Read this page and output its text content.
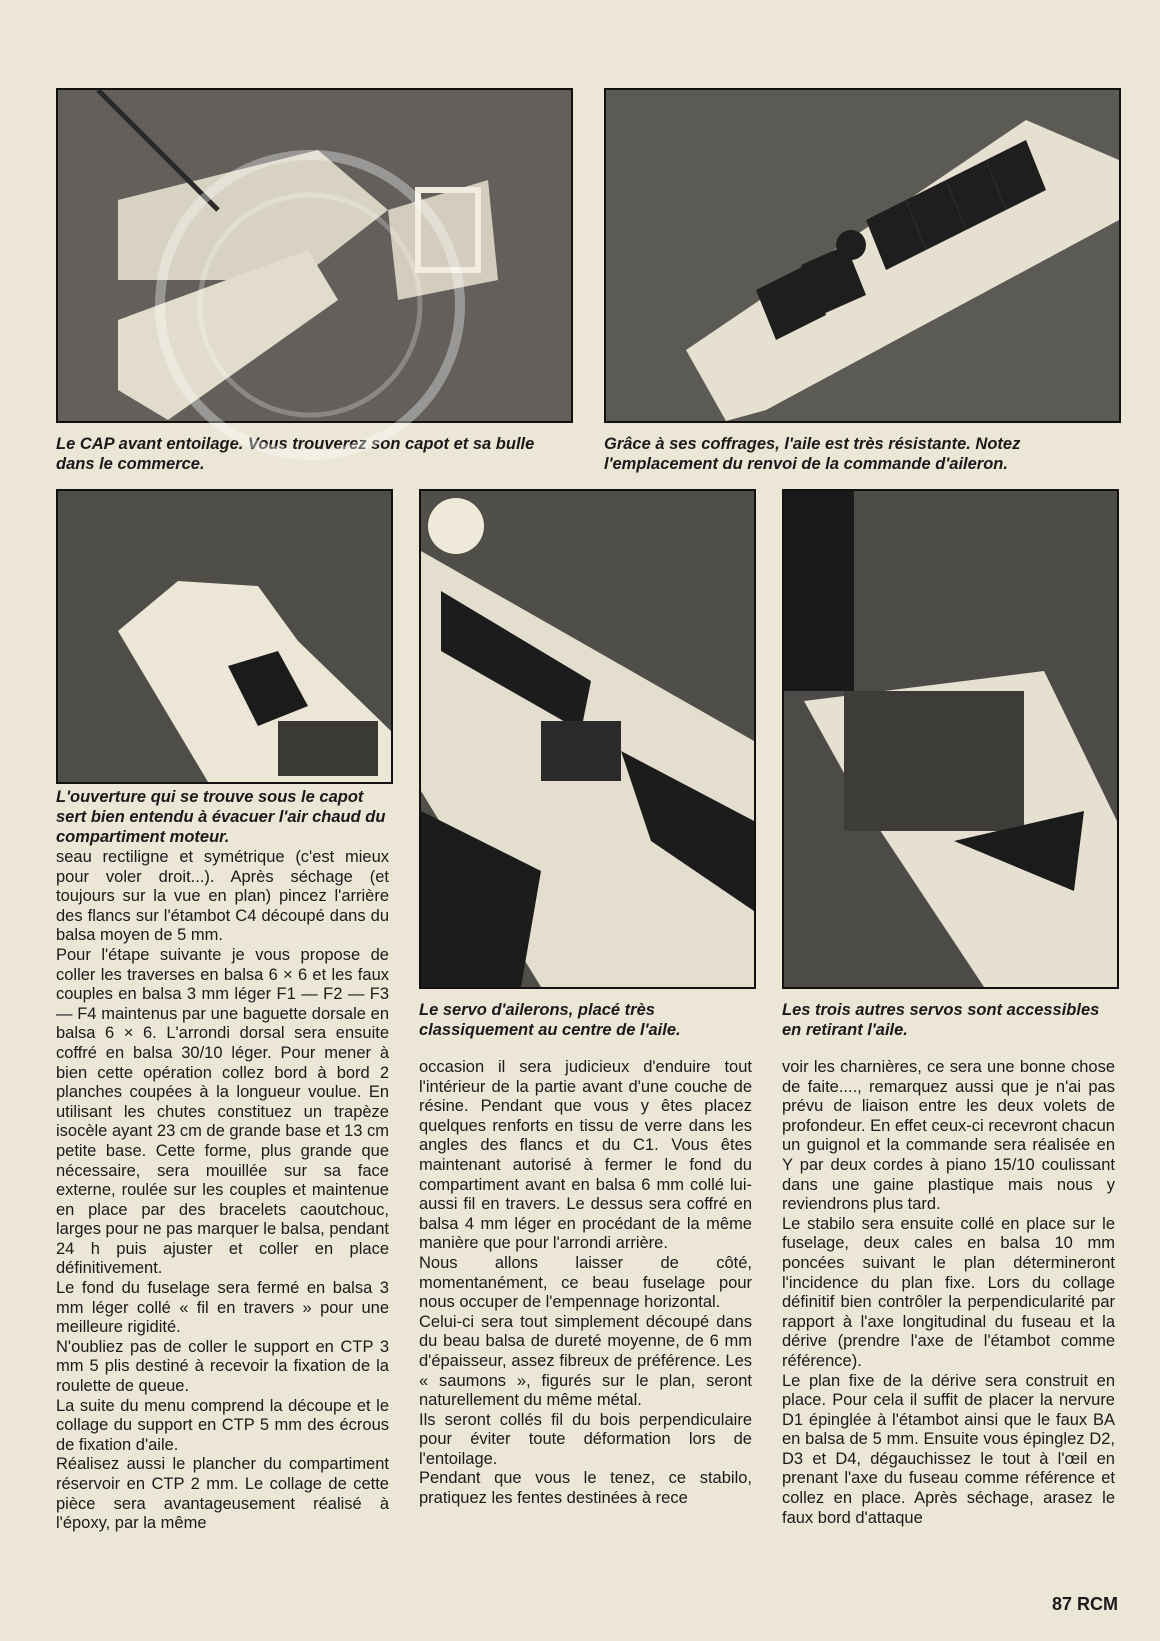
Le CAP avant entoilage. Vous trouverez son capot et sa bulle dans le commerce.
Grâce à ses coffrages, l'aile est très résistante. Notez l'emplacement du renvoi de la commande d'aileron.
L'ouverture qui se trouve sous le capot sert bien entendu à évacuer l'air chaud du compartiment moteur.
Le servo d'ailerons, placé très classiquement au centre de l'aile.
Les trois autres servos sont accessibles en retirant l'aile.

seau rectiligne et symétrique (c'est mieux pour voler droit...). Après séchage (et toujours sur la vue en plan) pincez l'arrière des flancs sur l'étambot C4 découpé dans du balsa moyen de 5 mm.

Pour l'étape suivante je vous propose de coller les traverses en balsa 6 × 6 et les faux couples en balsa 3 mm léger F1 — F2 — F3 — F4 maintenus par une baguette dorsale en balsa 6 × 6. L'arrondi dorsal sera ensuite coffré en balsa 30/10 léger. Pour mener à bien cette opération collez bord à bord 2 planches coupées à la longueur voulue. En utilisant les chutes constituez un trapèze isocèle ayant 23 cm de grande base et 13 cm petite base. Cette forme, plus grande que nécessaire, sera mouillée sur sa face externe, roulée sur les couples et maintenue en place par des bracelets caoutchouc, larges pour ne pas marquer le balsa, pendant 24 h puis ajuster et coller en place définitivement.

Le fond du fuselage sera fermé en balsa 3 mm léger collé « fil en travers » pour une meilleure rigidité.

N'oubliez pas de coller le support en CTP 3 mm 5 plis destiné à recevoir la fixation de la roulette de queue.

La suite du menu comprend la découpe et le collage du support en CTP 5 mm des écrous de fixation d'aile.

Réalisez aussi le plancher du compartiment réservoir en CTP 2 mm. Le collage de cette pièce sera avantageusement réalisé à l'époxy, par la même

occasion il sera judicieux d'enduire tout l'intérieur de la partie avant d'une couche de résine. Pendant que vous y êtes placez quelques renforts en tissu de verre dans les angles des flancs et du C1. Vous êtes maintenant autorisé à fermer le fond du compartiment avant en balsa 6 mm collé lui-aussi fil en travers. Le dessus sera coffré en balsa 4 mm léger en procédant de la même manière que pour l'arrondi arrière.

Nous allons laisser de côté, momentanément, ce beau fuselage pour nous occuper de l'empennage horizontal.

Celui-ci sera tout simplement découpé dans du beau balsa de dureté moyenne, de 6 mm d'épaisseur, assez fibreux de préférence. Les « saumons », figurés sur le plan, seront naturellement du même métal.

Ils seront collés fil du bois perpendiculaire pour éviter toute déformation lors de l'entoilage.

Pendant que vous le tenez, ce stabilo, pratiquez les fentes destinées à rece

voir les charnières, ce sera une bonne chose de faite...., remarquez aussi que je n'ai pas prévu de liaison entre les deux volets de profondeur. En effet ceux-ci recevront chacun un guignol et la commande sera réalisée en Y par deux cordes à piano 15/10 coulissant dans une gaine plastique mais nous y reviendrons plus tard.

Le stabilo sera ensuite collé en place sur le fuselage, deux cales en balsa 10 mm poncées suivant le plan détermineront l'incidence du plan fixe. Lors du collage définitif bien contrôler la perpendicularité par rapport à l'axe longitudinal du fuseau et la dérive (prendre l'axe de l'étambot comme référence).

Le plan fixe de la dérive sera construit en place. Pour cela il suffit de placer la nervure D1 épinglée à l'étambot ainsi que le faux BA en balsa de 5 mm. Ensuite vous épinglez D2, D3 et D4, dégauchissez le tout à l'œil en prenant l'axe du fuseau comme référence et collez en place. Après séchage, arasez le faux bord d'attaque

87 RCM
